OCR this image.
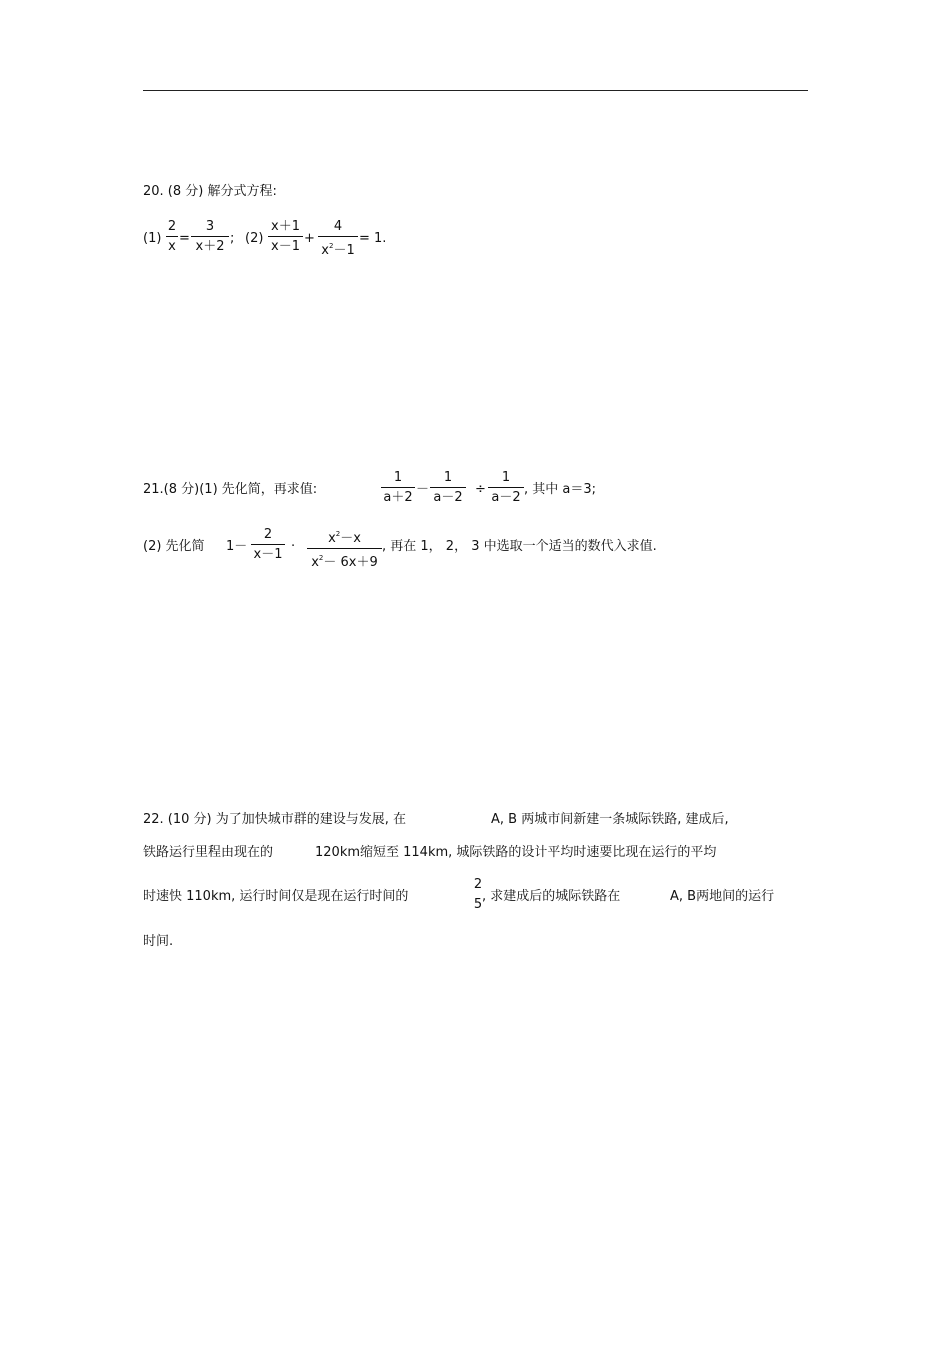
20. (8 分) 解分式方程:
(1)
2
x
=
3
x＋2
; (2)
x＋1
x－1
+
4
$x^2-1$
= 1.
21.(8 分)(1) 先化简，再求值:
1
a＋2
－
1
a－2
÷
1
a－2
, 其中 a＝3;
(2) 先化简 1－
2
x－1
·
$x^2-x$
$x^2- 6x+9$
, 再在 1， 2， 3 中选取一个适当的数代入求值.
22. (10 分) 为了加快城市群的建设与发展, 在	A, B 两城市间新建一条城际铁路, 建成后,
铁路运行里程由现在的	120km缩短至 114km, 城际铁路的设计平均时速要比现在运行的平均
时速快 110km, 运行时间仅是现在运行时间的
2
5
, 求建成后的城际铁路在	A, B两地间的运行
时间.
